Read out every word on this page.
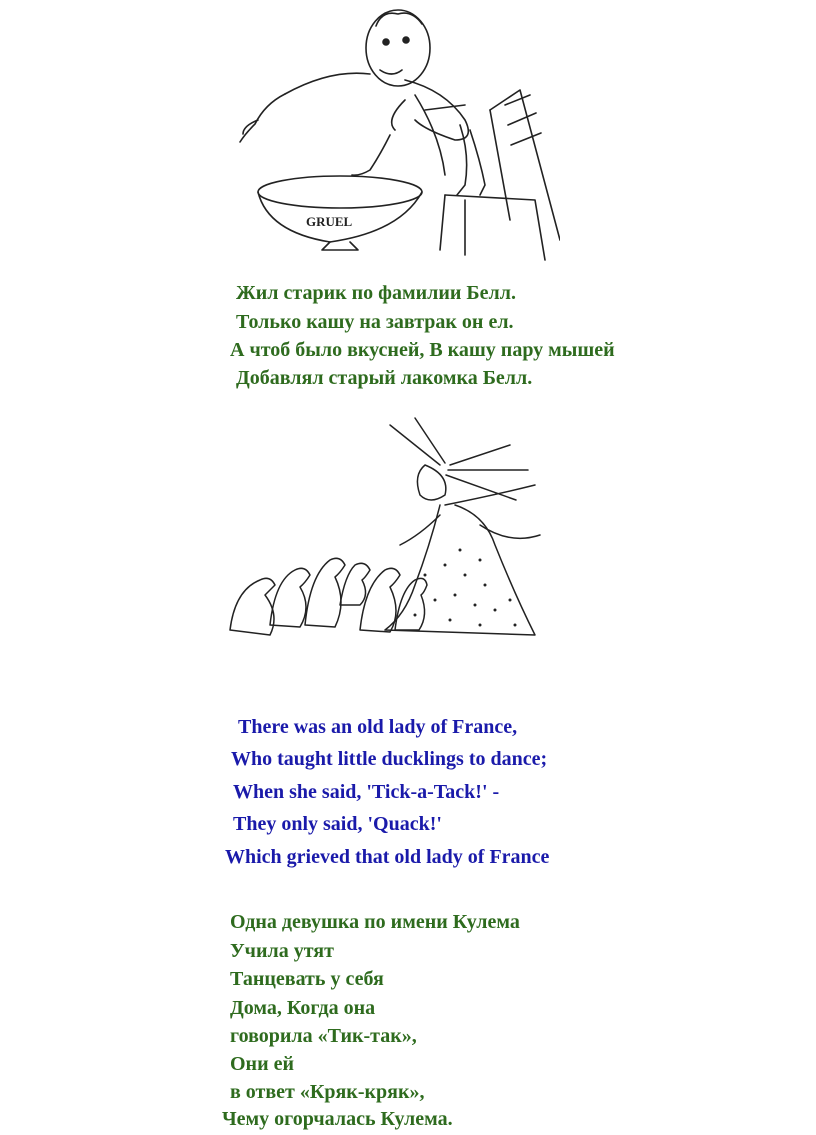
GRUEL
Жил старик по фамилии Белл.
Только кашу на завтрак он ел.
А чтоб было вкусней, В кашу пару мышей
Добавлял старый лакомка Белл.
There was an old lady of France,
Who taught little ducklings to dance;
When she said, 'Tick-a-Tack!' -
They only said, 'Quack!'
Which grieved that old lady of France
Одна девушка по имени Кулема
Учила утят
Танцевать у себя
Дома, Когда она
говорила «Тик-так»,
Они ей
в ответ «Кряк-кряк»,
Чему огорчалась Кулема.
